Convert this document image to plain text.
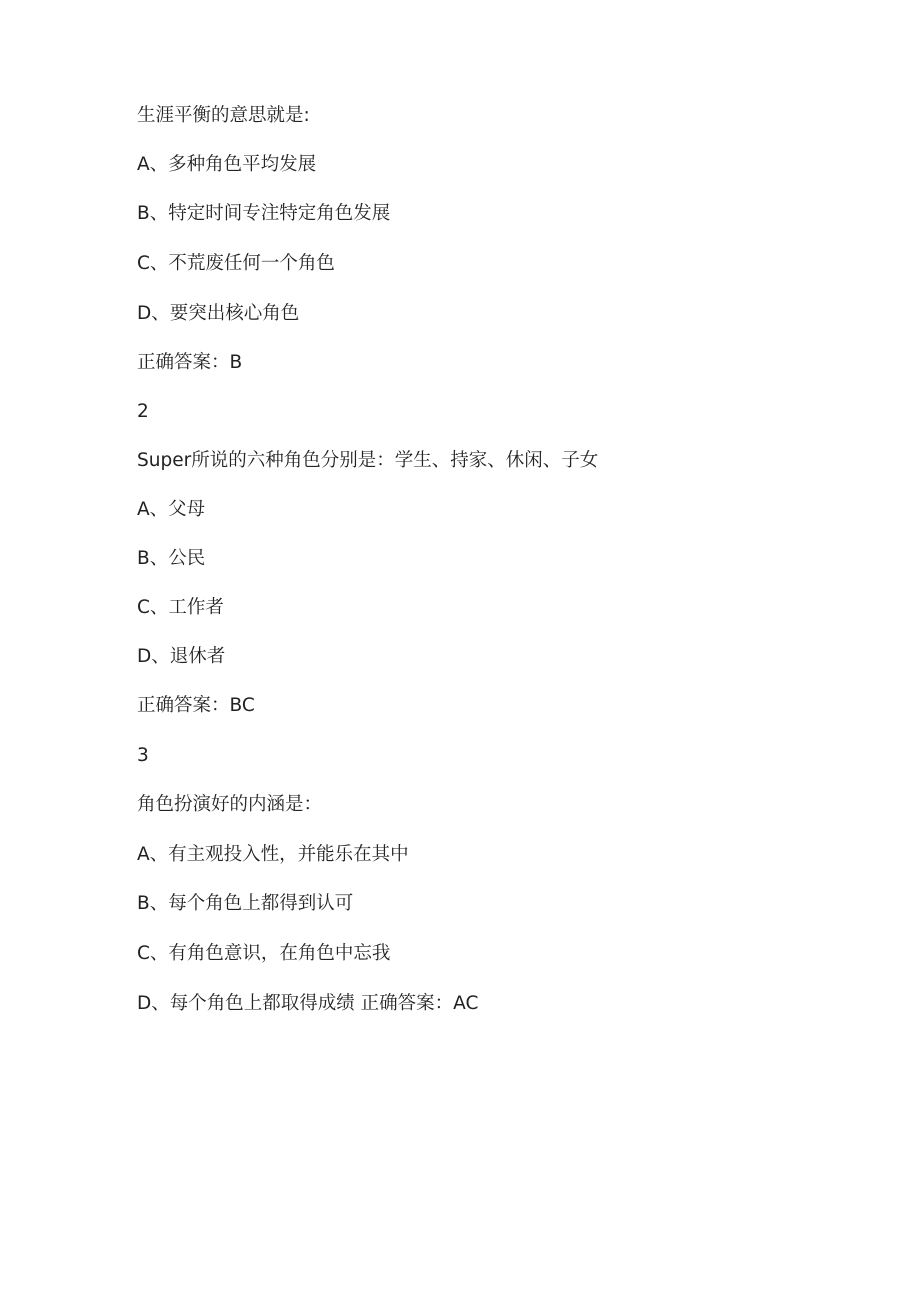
生涯平衡的意思就是:
A、多种角色平均发展
B、特定时间专注特定角色发展
C、不荒废任何一个角色
D、要突出核心角色
正确答案：B
2
Super所说的六种角色分别是：学生、持家、休闲、子女
A、父母
B、公民
C、工作者
D、退休者
正确答案：BC
3
角色扮演好的内涵是：
A、有主观投入性，并能乐在其中
B、每个角色上都得到认可
C、有角色意识，在角色中忘我
D、每个角色上都取得成绩 正确答案：AC
